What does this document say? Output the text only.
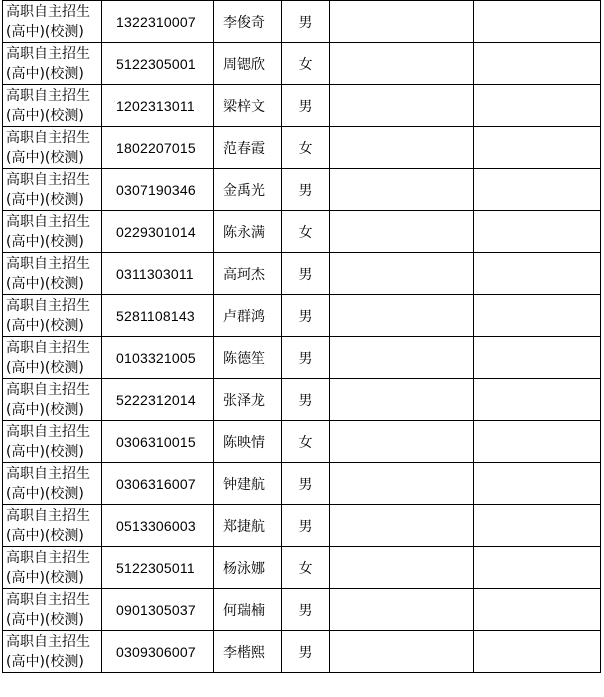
高职自主招生
(高中)(校测)	1322310007	李俊奇	男		

高职自主招生
(高中)(校测)	5122305001	周锶欣	女		

高职自主招生
(高中)(校测)	1202313011	梁梓文	男		

高职自主招生
(高中)(校测)	1802207015	范春霞	女		

高职自主招生
(高中)(校测)	0307190346	金禹光	男		

高职自主招生
(高中)(校测)	0229301014	陈永满	女		

高职自主招生
(高中)(校测)	0311303011	高珂杰	男		

高职自主招生
(高中)(校测)	5281108143	卢群鸿	男		

高职自主招生
(高中)(校测)	0103321005	陈德笙	男		

高职自主招生
(高中)(校测)	5222312014	张泽龙	男		

高职自主招生
(高中)(校测)	0306310015	陈映情	女		

高职自主招生
(高中)(校测)	0306316007	钟建航	男		

高职自主招生
(高中)(校测)	0513306003	郑捷航	男		

高职自主招生
(高中)(校测)	5122305011	杨泳娜	女		

高职自主招生
(高中)(校测)	0901305037	何瑞楠	男		

高职自主招生
(高中)(校测)	0309306007	李楷熙	男		
